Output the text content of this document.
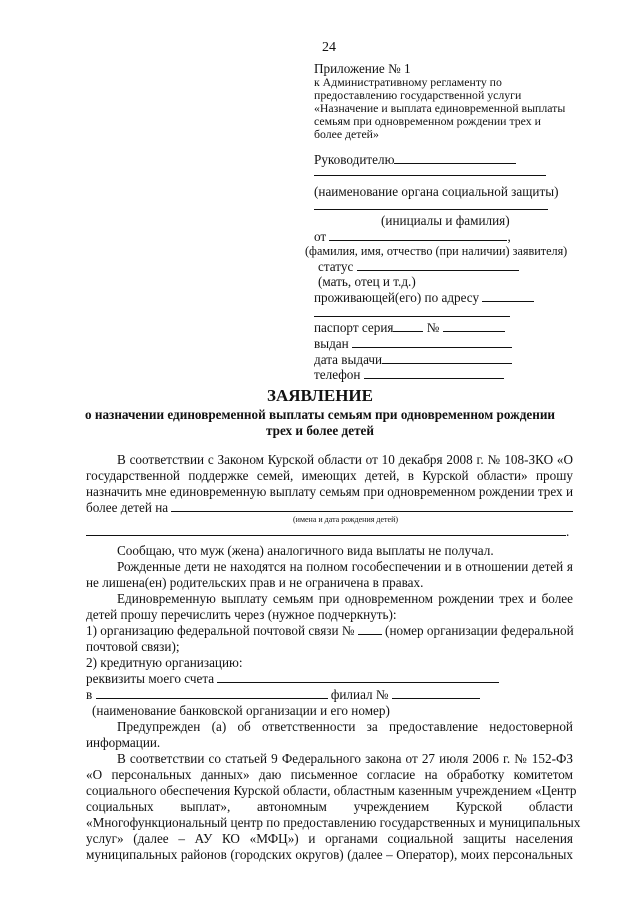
24
Приложение № 1
к Административному регламенту по
предоставлению государственной услуги
«Назначение и выплата единовременной выплаты
семьям при одновременном рождении трех и
более детей»
Руководителю
(наименование органа социальной защиты)
(инициалы и фамилия)
от	,
(фамилия, имя, отчество (при наличии) заявителя)
статус
(мать, отец и т.д.)
проживающей(его) по адресу
паспорт серия	№
выдан
дата выдачи
телефон
ЗАЯВЛЕНИЕ
о назначении единовременной выплаты семьям при одновременном рождении
трех и более детей
В соответствии с Законом Курской области от 10 декабря 2008 г. № 108-ЗКО «О
государственной поддержке семей, имеющих детей, в Курской области» прошу
назначить мне единовременную выплату семьям при одновременном рождении трех и
более детей на
(имена и дата рождения детей)
.
Сообщаю, что муж (жена) аналогичного вида выплаты не получал.
Рожденные дети не находятся на полном гособеспечении и в отношении детей я
не лишена(ен) родительских прав и не ограничена в правах.
Единовременную выплату семьям при одновременном рождении трех и более
детей прошу перечислить через (нужное подчеркнуть):
1) организацию федеральной почтовой связи № (номер организации федеральной
почтовой связи);
2) кредитную организацию:
реквизиты моего счета
в	филиал №
(наименование банковской организации и его номер)
Предупрежден (а) об ответственности за предоставление недостоверной
информации.
В соответствии со статьей 9 Федерального закона от 27 июля 2006 г. № 152-ФЗ
«О персональных данных» даю письменное согласие на обработку комитетом
социального обеспечения Курской области, областным казенным учреждением «Центр
социальных выплат», автономным учреждением Курской области
«Многофункциональный центр по предоставлению государственных и муниципальных
услуг» (далее – АУ КО «МФЦ») и органами социальной защиты населения
муниципальных районов (городских округов) (далее – Оператор), моих персональных
